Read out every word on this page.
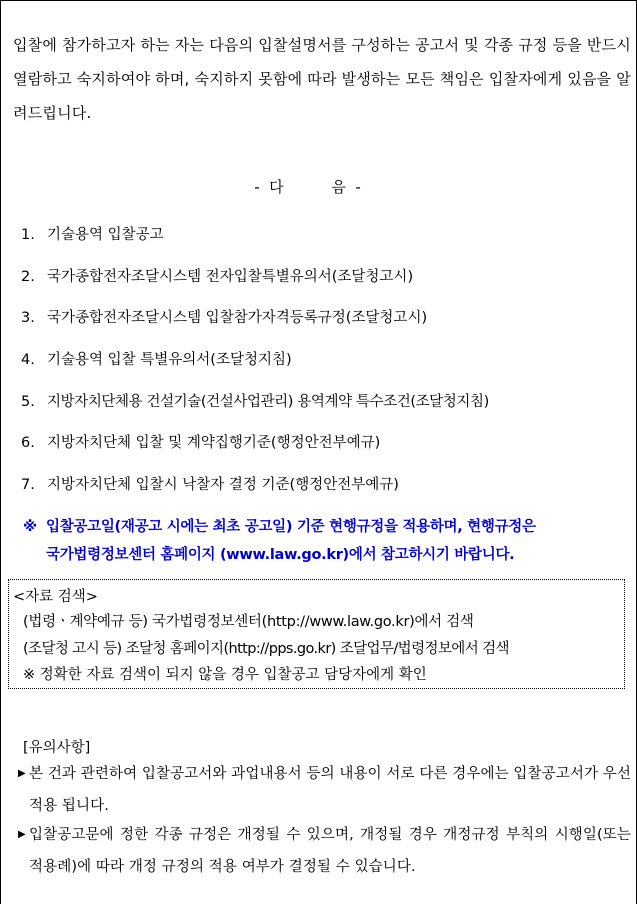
입찰에 참가하고자 하는 자는 다음의 입찰설명서를 구성하는 공고서 및 각종 규정 등을 반드시 열람하고 숙지하여야 하며, 숙지하지 못함에 따라 발생하는 모든 책임은 입찰자에게 있음을 알려드립니다.

-  다          음  -
1. 기술용역 입찰공고
2. 국가종합전자조달시스템 전자입찰특별유의서(조달청고시)
3. 국가종합전자조달시스템 입찰참가자격등록규정(조달청고시)
4. 기술용역 입찰 특별유의서(조달청지침)
5. 지방자치단체용 건설기술(건설사업관리) 용역계약 특수조건(조달청지침)
6. 지방자치단체 입찰 및 계약집행기준(행정안전부예규)
7. 지방자치단체 입찰시 낙찰자 결정 기준(행정안전부예규)
※ 입찰공고일(재공고 시에는 최초 공고일) 기준 현행규정을 적용하며, 현행규정은
국가법령정보센터 홈페이지 (www.law.go.kr)에서 참고하시기 바랍니다.
<자료 검색>
(법령ㆍ계약예규 등) 국가법령정보센터(http://www.law.go.kr)에서 검색
(조달청 고시 등) 조달청 홈페이지(http://pps.go.kr) 조달업무/법령정보에서 검색
※ 정확한 자료 검색이 되지 않을 경우 입찰공고 담당자에게 확인
[유의사항]
▶ 본 건과 관련하여 입찰공고서와 과업내용서 등의 내용이 서로 다른 경우에는 입찰공고서가 우선 적용 됩니다.
▶ 입찰공고문에 정한 각종 규정은 개정될 수 있으며, 개정될 경우 개정규정 부칙의 시행일(또는 적용례)에 따라 개정 규정의 적용 여부가 결정될 수 있습니다.
